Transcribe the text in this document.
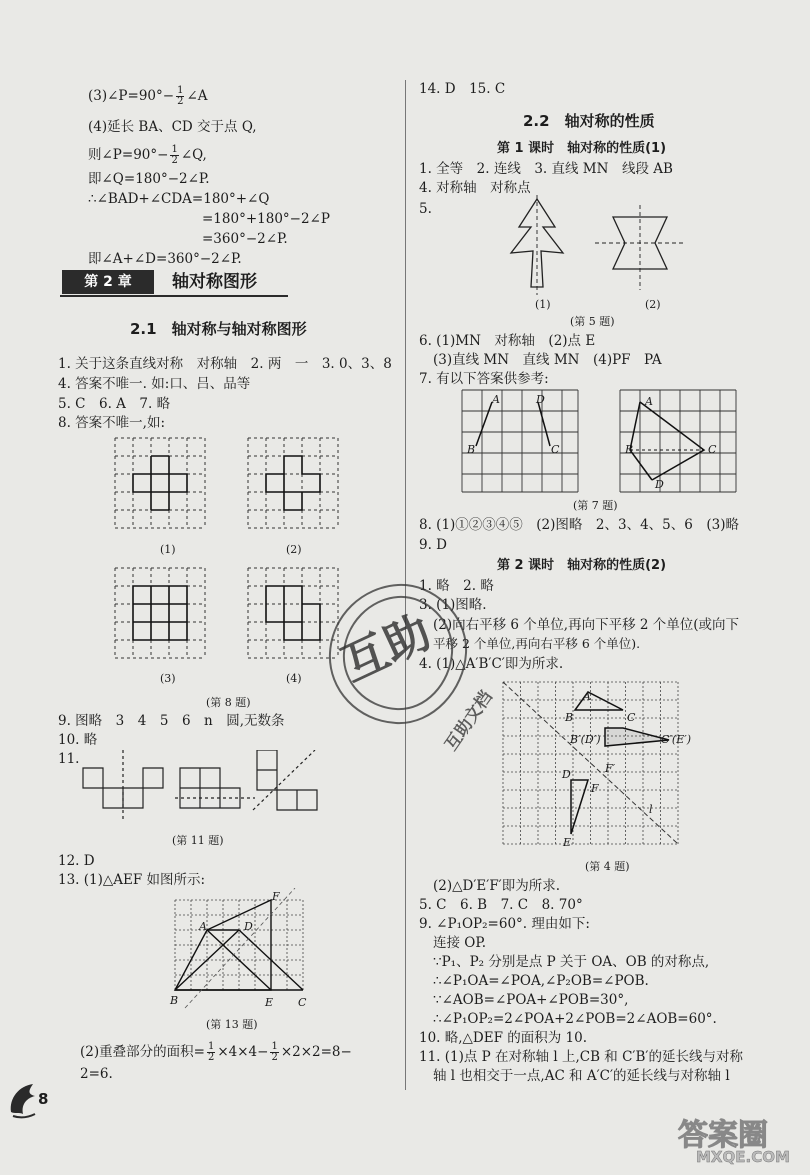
(3)∠P=90°− $\frac{1}{2}$ ∠A
(4)延长 BA、CD 交于点 Q,
则∠P=90°− $\frac{1}{2}$ ∠Q,
即∠Q=180°−2∠P.
∴∠BAD+∠CDA=180°+∠Q
=180°+180°−2∠P
=360°−2∠P.
即∠A+∠D=360°−2∠P.
第 2 章	轴对称图形
2.1　轴对称与轴对称图形
1. 关于这条直线对称　对称轴　2. 两　一　3. 0、3、8
4. 答案不唯一. 如:口、吕、品等
5. C　6. A　7. 略
8. 答案不唯一,如:
(1)	(2)
(3)	(4)
(第 8 题)
9. 图略　3　4　5　6　n　圆,无数条
10. 略
11.
(第 11 题)
12. D
13. (1)△AEF 如图所示:
F
A	D
B	E C
(第 13 题)
(2)重叠部分的面积= $\frac{1}{2} \times 4\times 4- \frac{1}{2} \times 2\times 2=8-$
2=6.
14. D　15. C
2.2　轴对称的性质
第 1 课时　轴对称的性质(1)
1. 全等　2. 连线　3. 直线 MN　线段 AB
4. 对称轴　对称点
5.
(1)	(2)
(第 5 题)
6. (1)MN　对称轴　(2)点 E
(3)直线 MN　直线 MN　(4)PF　PA
7. 有以下答案供参考:
A	D
B	C
A
B	C
D
(第 7 题)
8. (1)①②③④⑤　(2)图略　2、3、4、5、6　(3)略
9. D
第 2 课时　轴对称的性质(2)
1. 略　2. 略
3. (1)图略.
(2)向右平移 6 个单位,再向下平移 2 个单位(或向下
平移 2 个单位,再向右平移 6 个单位).
4. (1)△A′B′C′即为所求.
A
B	C
B′(D′)	C′(E′)
D	F′
F
l
E
(第 4 题)
(2)△D′E′F′即为所求.
5. C　6. B　7. C　8. 70°
9. ∠P₁OP₂=60°. 理由如下:
连接 OP.
∵P₁、P₂ 分别是点 P 关于 OA、OB 的对称点,
∴∠P₁OA=∠POA,∠P₂OB=∠POB.
∵∠AOB=∠POA+∠POB=30°,
∴∠P₁OP₂=2∠POA+2∠POB=2∠AOB=60°.
10. 略,△DEF 的面积为 10.
11. (1)点 P 在对称轴 l 上,CB 和 C′B′的延长线与对称
轴 l 也相交于一点,AC 和 A′C′的延长线与对称轴 l
互助
互助文档
8
答案圈
MXQE.COM
